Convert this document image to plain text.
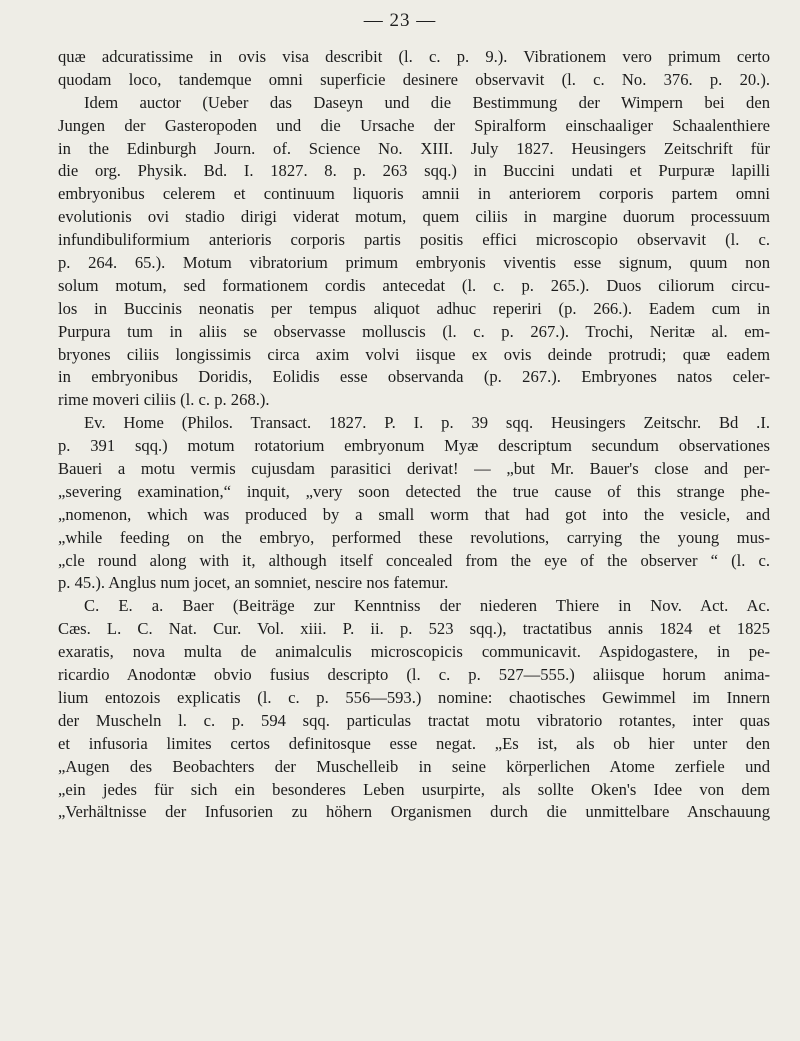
— 23 —
quæ adcuratissime in ovis visa describit (l. c. p. 9.). Vibrationem vero primum certo
quodam loco, tandemque omni superficie desinere observavit (l. c. No. 376. p. 20.).
Idem auctor (Ueber das Daseyn und die Bestimmung der Wimpern bei den
Jungen der Gasteropoden und die Ursache der Spiralform einschaaliger Schaalenthiere
in the Edinburgh Journ. of. Science No. XIII. July 1827. Heusingers Zeitschrift für
die org. Physik. Bd. I. 1827. 8. p. 263 sqq.) in Buccini undati et Purpuræ lapilli
embryonibus celerem et continuum liquoris amnii in anteriorem corporis partem omni
evolutionis ovi stadio dirigi viderat motum, quem ciliis in margine duorum processuum
infundibuliformium anterioris corporis partis positis effici microscopio observavit (l. c.
p. 264. 65.). Motum vibratorium primum embryonis viventis esse signum, quum non
solum motum, sed formationem cordis antecedat (l. c. p. 265.). Duos ciliorum circu-
los in Buccinis neonatis per tempus aliquot adhuc reperiri (p. 266.). Eadem cum in
Purpura tum in aliis se observasse molluscis (l. c. p. 267.). Trochi, Neritæ al. em-
bryones ciliis longissimis circa axim volvi iisque ex ovis deinde protrudi; quæ eadem
in embryonibus Doridis, Eolidis esse observanda (p. 267.). Embryones natos celer-
rime moveri ciliis (l. c. p. 268.).
Ev. Home (Philos. Transact. 1827. P. I. p. 39 sqq. Heusingers Zeitschr. Bd .I.
p. 391 sqq.) motum rotatorium embryonum Myæ descriptum secundum observationes
Baueri a motu vermis cujusdam parasitici derivat! — „but Mr. Bauer's close and per-
„severing examination,“ inquit, „very soon detected the true cause of this strange phe-
„nomenon, which was produced by a small worm that had got into the vesicle, and
„while feeding on the embryo, performed these revolutions, carrying the young mus-
„cle round along with it, although itself concealed from the eye of the observer “ (l. c.
p. 45.). Anglus num jocet, an somniet, nescire nos fatemur.
C. E. a. Baer (Beiträge zur Kenntniss der niederen Thiere in Nov. Act. Ac.
Cæs. L. C. Nat. Cur. Vol. xiii. P. ii. p. 523 sqq.), tractatibus annis 1824 et 1825
exaratis, nova multa de animalculis microscopicis communicavit. Aspidogastere, in pe-
ricardio Anodontæ obvio fusius descripto (l. c. p. 527—555.) aliisque horum anima-
lium entozois explicatis (l. c. p. 556—593.) nomine: chaotisches Gewimmel im Innern
der Muscheln l. c. p. 594 sqq. particulas tractat motu vibratorio rotantes, inter quas
et infusoria limites certos definitosque esse negat. „Es ist, als ob hier unter den
„Augen des Beobachters der Muschelleib in seine körperlichen Atome zerfiele und
„ein jedes für sich ein besonderes Leben usurpirte, als sollte Oken's Idee von dem
„Verhältnisse der Infusorien zu höhern Organismen durch die unmittelbare Anschauung
